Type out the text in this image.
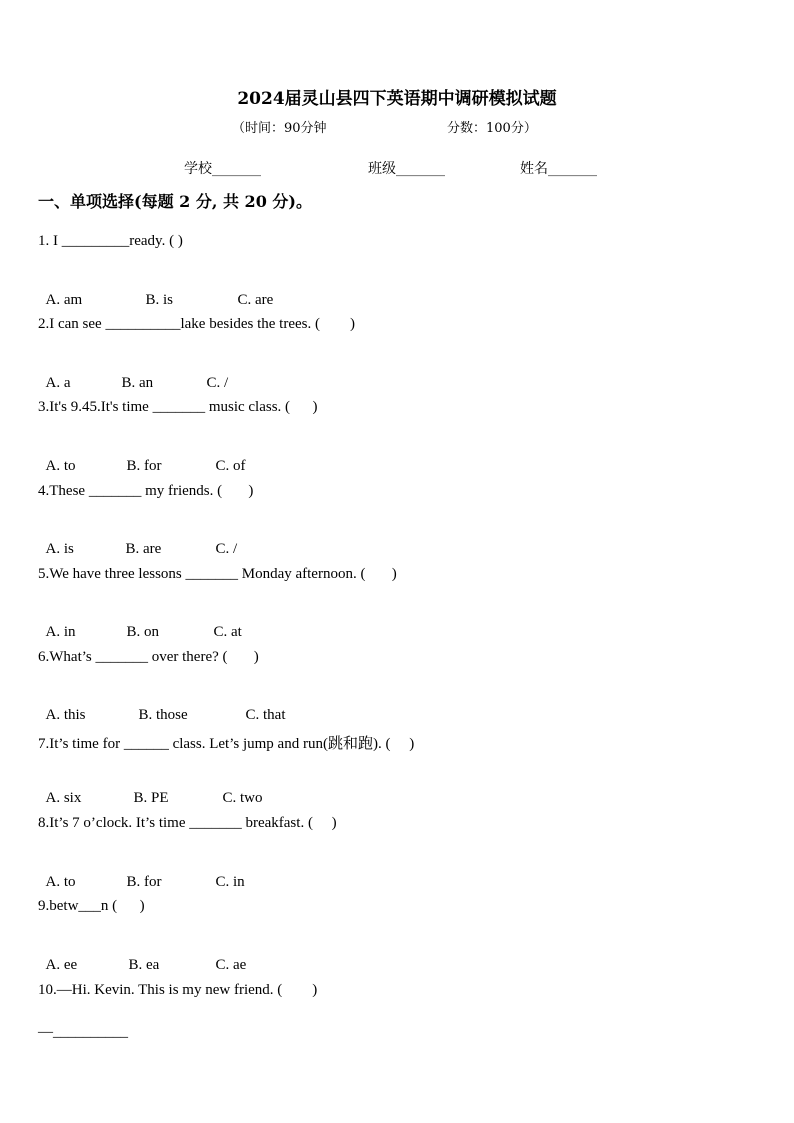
2024届灵山县四下英语期中调研模拟试题
（时间：90分钟	分数：100分）
学校_______	班级_______	姓名_______
一、单项选择(每题 2 分, 共 20 分)。
1. I _________ready. ( )

A. am	B. is	C. are

2.I can see __________lake besides the trees. (        )

A. a	B. an	C. /

3.It's 9.45.It's time _______ music class. (      )

A. to	B. for	C. of

4.These _______ my friends. (       )

A. is	B. are	C. /

5.We have three lessons _______ Monday afternoon. (       )

A. in	B. on	C. at

6.What’s _______ over there? (       )

A. this	B. those	C. that

7.It’s time for ______ class. Let’s jump and run(跳和跑). (     )

A. six	B. PE	C. two

8.It’s 7 o’clock. It’s time _______ breakfast. (     )

A. to	B. for	C. in

9.betw___n (      )

A. ee	B. ea	C. ae

10.—Hi. Kevin. This is my new friend. (        )
—__________
